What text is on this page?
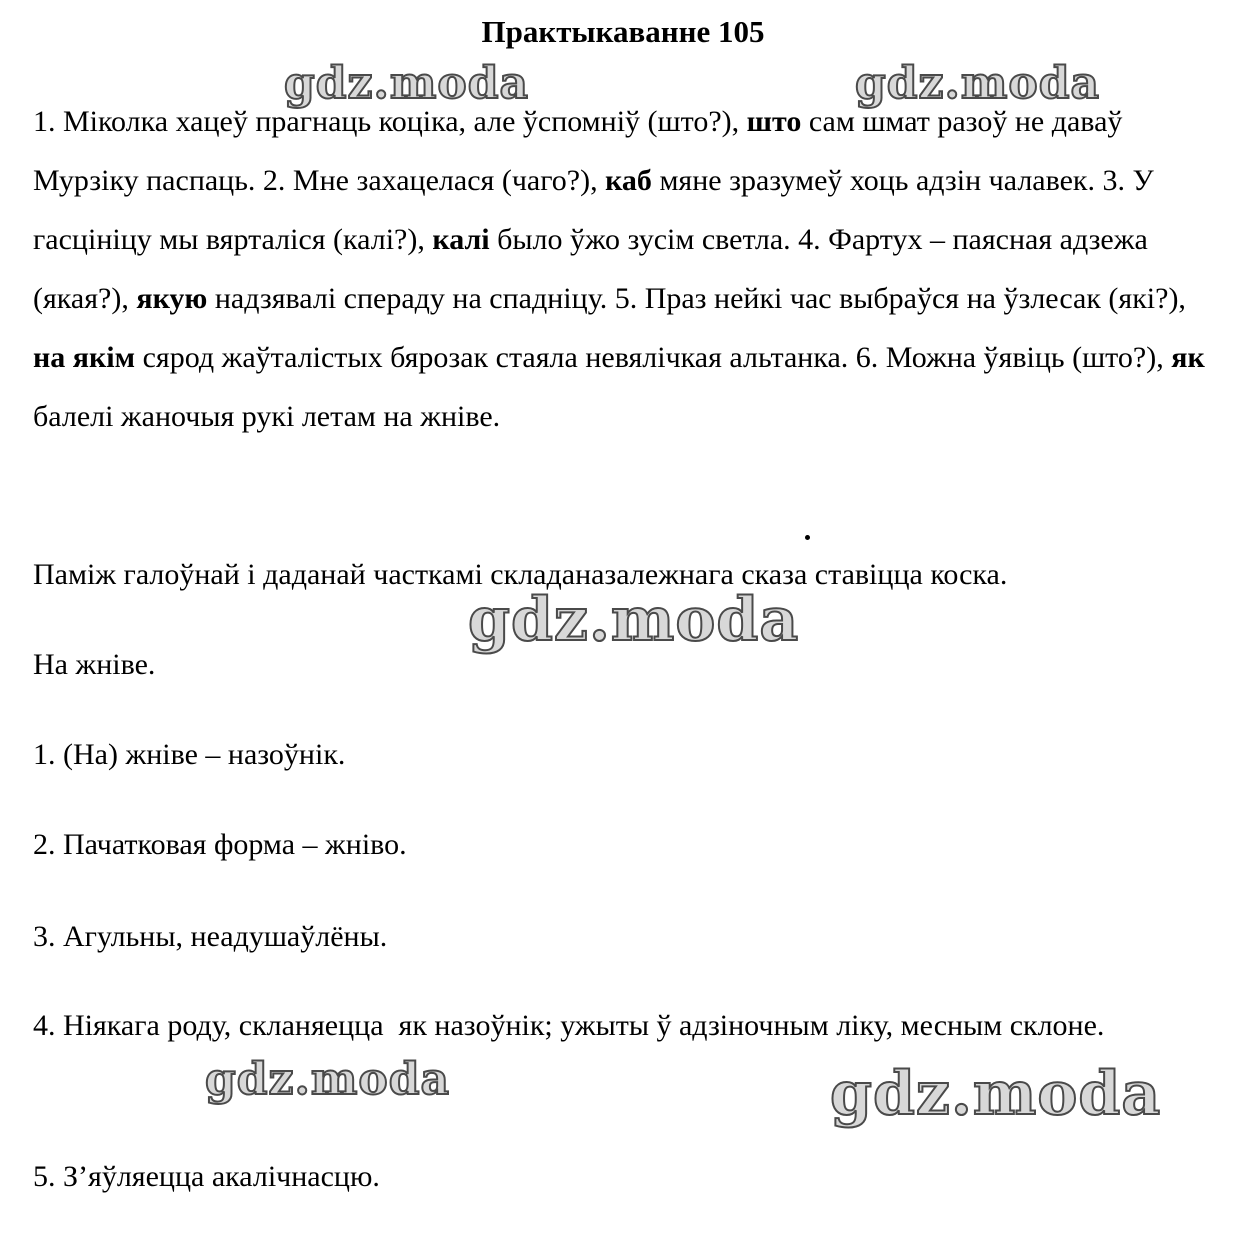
Практыкаванне 105
gdz.moda	gdz.moda
gdz.moda
gdz.moda	gdz.moda

1. Міколка хацеў прагнаць коціка, але ўспомніў (што?), што сам шмат разоў не даваў Мурзіку паспаць. 2. Мне захацелася (чаго?), каб мяне зразумеў хоць адзін чалавек. 3. У гасцініцу мы вярталіся (калі?), калі было ўжо зусім светла. 4. Фартух – паясная адзежа (якая?), якую надзявалі спераду на спадніцу. 5. Праз нейкі час выбраўся на ўзлесак (які?), на якім сярод жаўталістых бярозак стаяла невялічкая альтанка. 6. Можна ўявіць (што?), як балелі жаночыя рукі летам на жніве.

Паміж галоўнай і даданай часткамі складаназалежнага сказа ставіцца коска.
На жніве.
1. (На) жніве – назоўнік.
2. Пачатковая форма – жніво.
3. Агульны, неадушаўлёны.

4. Ніякага роду, скланяецца  як назоўнік; ужыты ў адзіночным ліку, месным склоне.

5. З’яўляецца акалічнасцю.
